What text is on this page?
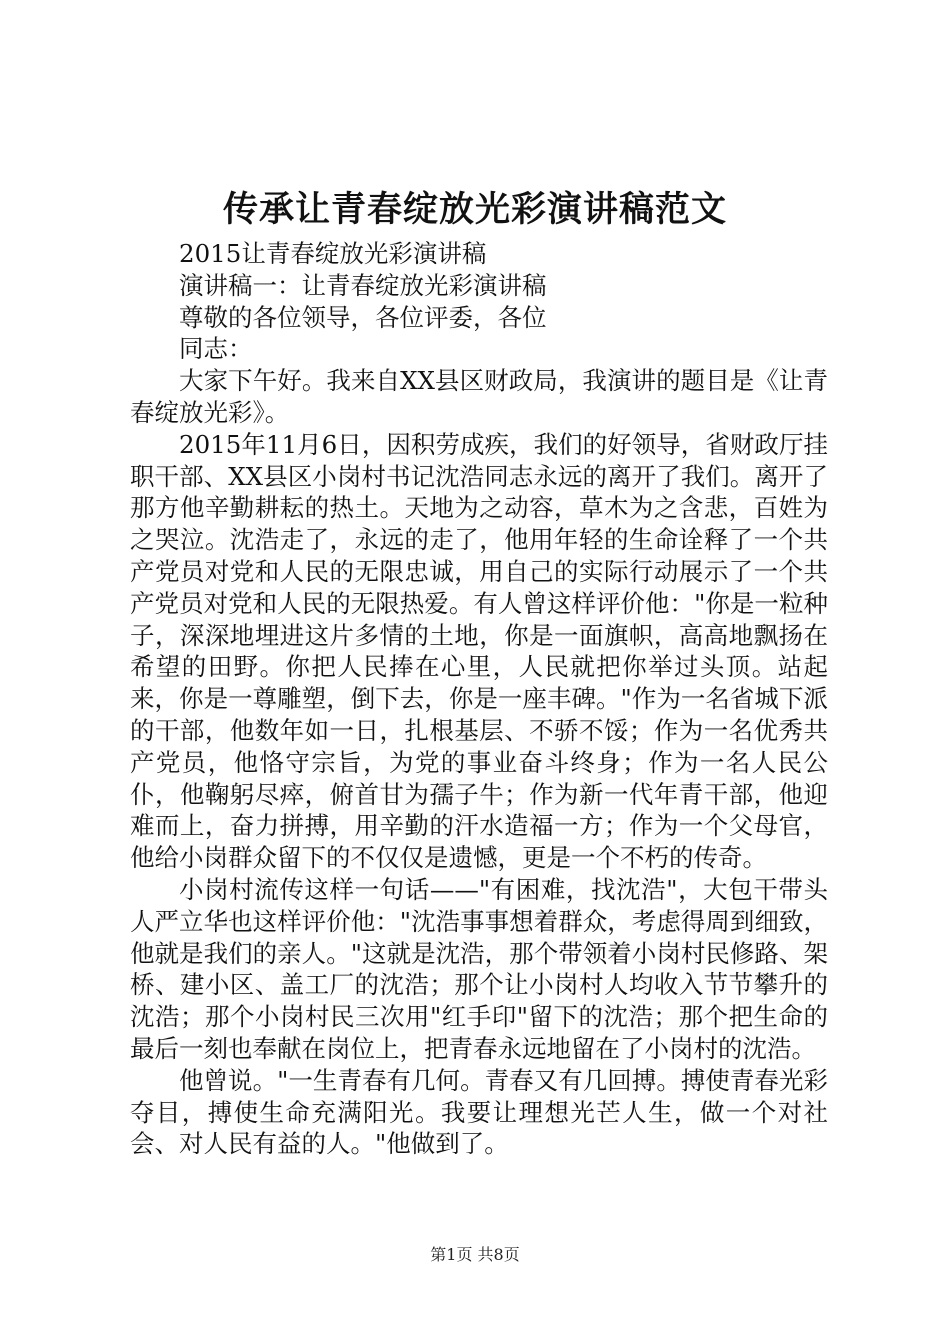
传承让青春绽放光彩演讲稿范文

2015让青春绽放光彩演讲稿

演讲稿一：让青春绽放光彩演讲稿

尊敬的各位领导，各位评委，各位

同志：

大家下午好。我来自XX县区财政局，我演讲的题目是《让青春绽放光彩》。

2015年11月6日，因积劳成疾，我们的好领导，省财政厅挂职干部、XX县区小岗村书记沈浩同志永远的离开了我们。离开了那方他辛勤耕耘的热土。天地为之动容，草木为之含悲，百姓为之哭泣。沈浩走了，永远的走了，他用年轻的生命诠释了一个共产党员对党和人民的无限忠诚，用自己的实际行动展示了一个共产党员对党和人民的无限热爱。有人曾这样评价他："你是一粒种子，深深地埋进这片多情的土地，你是一面旗帜，高高地飘扬在希望的田野。你把人民捧在心里，人民就把你举过头顶。站起来，你是一尊雕塑，倒下去，你是一座丰碑。"作为一名省城下派的干部，他数年如一日，扎根基层、不骄不馁；作为一名优秀共产党员，他恪守宗旨，为党的事业奋斗终身；作为一名人民公仆，他鞠躬尽瘁，俯首甘为孺子牛；作为新一代年青干部，他迎难而上，奋力拼搏，用辛勤的汗水造福一方；作为一个父母官，他给小岗群众留下的不仅仅是遗憾，更是一个不朽的传奇。

小岗村流传这样一句话——"有困难，找沈浩"，大包干带头人严立华也这样评价他："沈浩事事想着群众，考虑得周到细致，他就是我们的亲人。"这就是沈浩，那个带领着小岗村民修路、架桥、建小区、盖工厂的沈浩；那个让小岗村人均收入节节攀升的沈浩；那个小岗村民三次用"红手印"留下的沈浩；那个把生命的最后一刻也奉献在岗位上，把青春永远地留在了小岗村的沈浩。

他曾说。"一生青春有几何。青春又有几回搏。搏使青春光彩夺目，搏使生命充满阳光。我要让理想光芒人生，做一个对社会、对人民有益的人。"他做到了。

第1页 共8页
